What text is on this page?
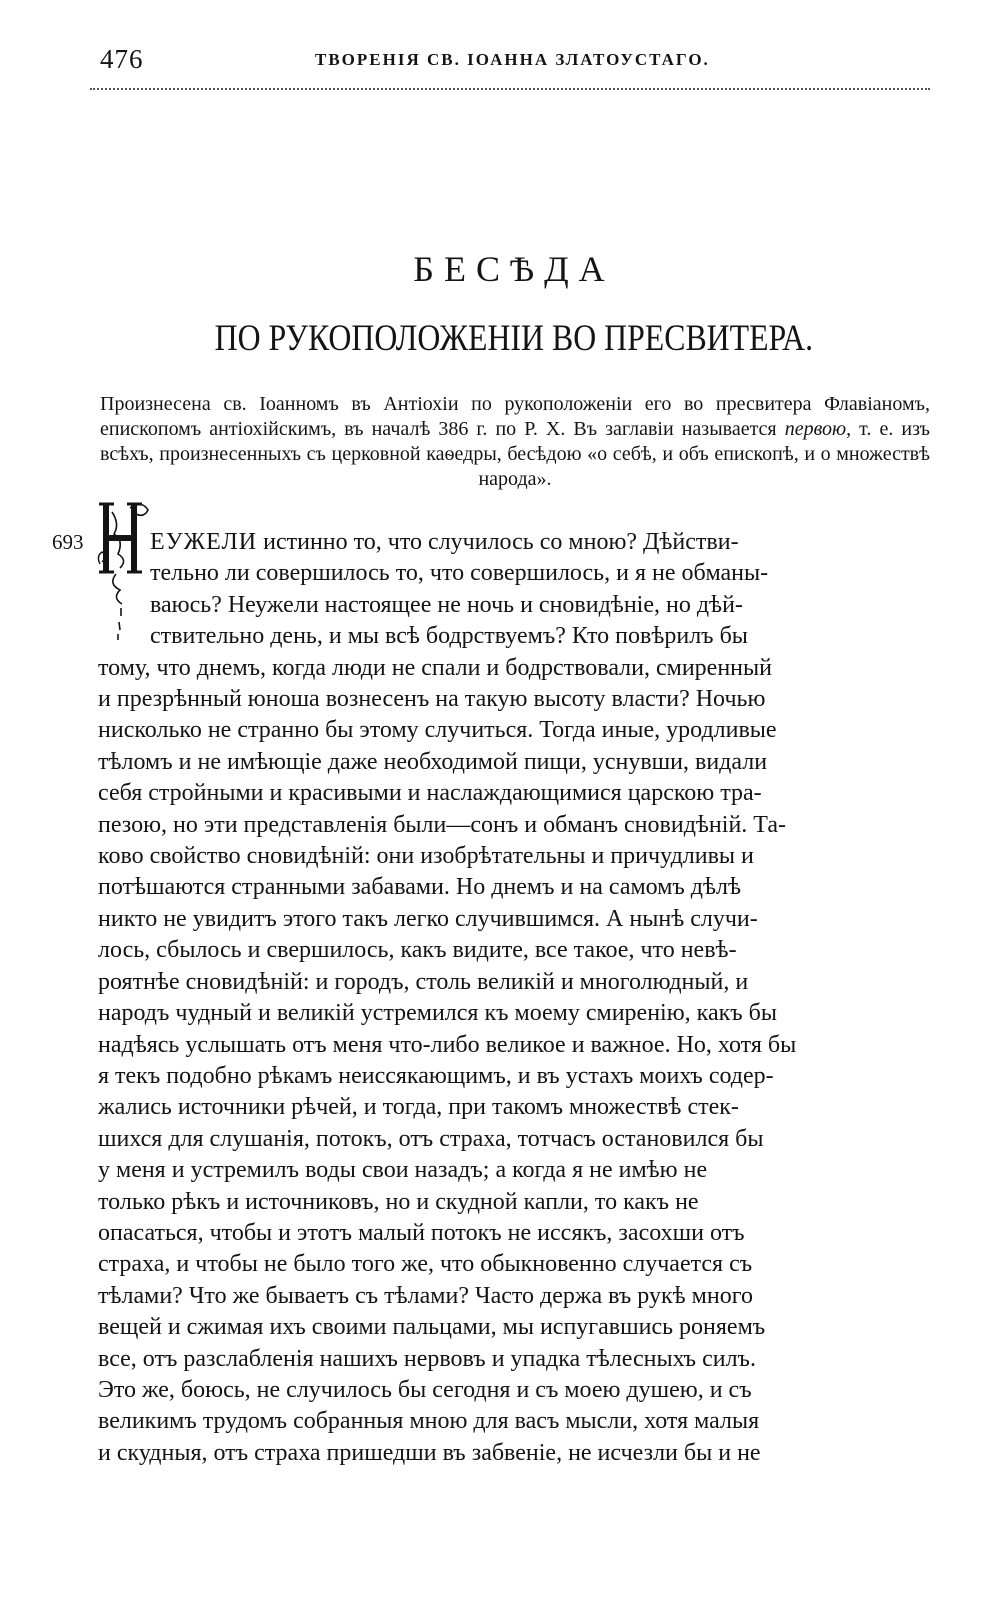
476	ТВОРЕНІЯ СВ. ІОАННА ЗЛАТОУСТАГО.
БЕСѢДА
ПО РУКОПОЛОЖЕНІИ ВО ПРЕСВИТЕРА.
Произнесена св. Іоанномъ въ Антіохіи по рукоположеніи его во пресвитера Флавіаномъ, епископомъ антіохійскимъ, въ началѣ 386 г. по Р. Х. Въ заглавіи называется первою, т. е. изъ всѣхъ, произнесенныхъ съ церковной каѳедры, бесѣдою «о себѣ, и объ епископѣ, и о множествѣ народа».
693	ЕУЖЕЛИ истинно то, что случилось со мною? Дѣйстви-
тельно ли совершилось то, что совершилось, и я не обманы-
ваюсь? Неужели настоящее не ночь и сновидѣніе, но дѣй-
ствительно день, и мы всѣ бодрствуемъ? Кто повѣрилъ бы
тому, что днемъ, когда люди не спали и бодрствовали, смиренный
и презрѣнный юноша вознесенъ на такую высоту власти? Ночью
нисколько не странно бы этому случиться. Тогда иные, уродливые
тѣломъ и не имѣющіе даже необходимой пищи, уснувши, видали
себя стройными и красивыми и наслаждающимися царскою тра-
пезою, но эти представленія были—сонъ и обманъ сновидѣній. Та-
ково свойство сновидѣній: они изобрѣтательны и причудливы и
потѣшаются странными забавами. Но днемъ и на самомъ дѣлѣ
никто не увидитъ этого такъ легко случившимся. А нынѣ случи-
лось, сбылось и свершилось, какъ видите, все такое, что невѣ-
роятнѣе сновидѣній: и городъ, столь великій и многолюдный, и
народъ чудный и великій устремился къ моему смиренію, какъ бы
надѣясь услышать отъ меня что-либо великое и важное. Но, хотя бы
я текъ подобно рѣкамъ неиссякающимъ, и въ устахъ моихъ содер-
жались источники рѣчей, и тогда, при такомъ множествѣ стек-
шихся для слушанія, потокъ, отъ страха, тотчасъ остановился бы
у меня и устремилъ воды свои назадъ; а когда я не имѣю не
только рѣкъ и источниковъ, но и скудной капли, то какъ не
опасаться, чтобы и этотъ малый потокъ не иссякъ, засохши отъ
страха, и чтобы не было того же, что обыкновенно случается съ
тѣлами? Что же бываетъ съ тѣлами? Часто держа въ рукѣ много
вещей и сжимая ихъ своими пальцами, мы испугавшись роняемъ
все, отъ разслабленія нашихъ нервовъ и упадка тѣлесныхъ силъ.
Это же, боюсь, не случилось бы сегодня и съ моею душею, и съ
великимъ трудомъ собранныя мною для васъ мысли, хотя малыя
и скудныя, отъ страха пришедши въ забвеніе, не исчезли бы и не
